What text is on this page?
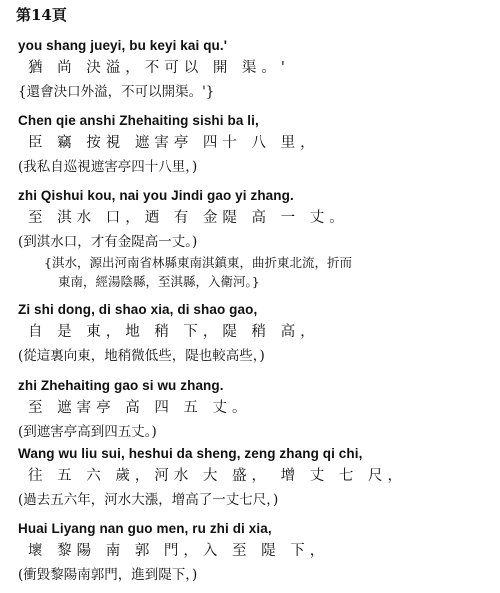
第14頁
you shang jueyi, bu keyi kai qu.'
猶 尚 決溢，不可以 開 渠。'
{還會決口外溢，不可以開渠。'}
Chen qie anshi Zhehaiting sishi ba li,
臣 竊 按視 遮害亭 四十 八 里，
(我私自巡視遮害亭四十八里，)
zhi Qishui kou, nai you Jindi gao yi zhang.
至 淇水 口，迺 有 金隄 高 一 丈。
(到淇水口，才有金隄高一丈。)
{淇水，源出河南省林縣東南淇鎮東，曲折東北流，折而
東南，經湯陰縣，至淇縣，入衛河。}
Zi shi dong, di shao xia, di shao gao,
自 是 東，地 稍 下，隄 稍 高，
(從這裏向東，地稍微低些，隄也較高些，)
zhi Zhehaiting gao si wu zhang.
至 遮害亭 高 四 五 丈。
(到遮害亭高到四五丈。)
Wang wu liu sui, heshui da sheng, zeng zhang qi chi,
往 五 六 歲，河水 大 盛， 增 丈 七 尺，
(過去五六年，河水大漲，增高了一丈七尺，)
Huai Liyang nan guo men, ru zhi di xia,
壞 黎陽 南 郭 門，入 至 隄 下，
(衝毀黎陽南郭門，進到隄下，)
